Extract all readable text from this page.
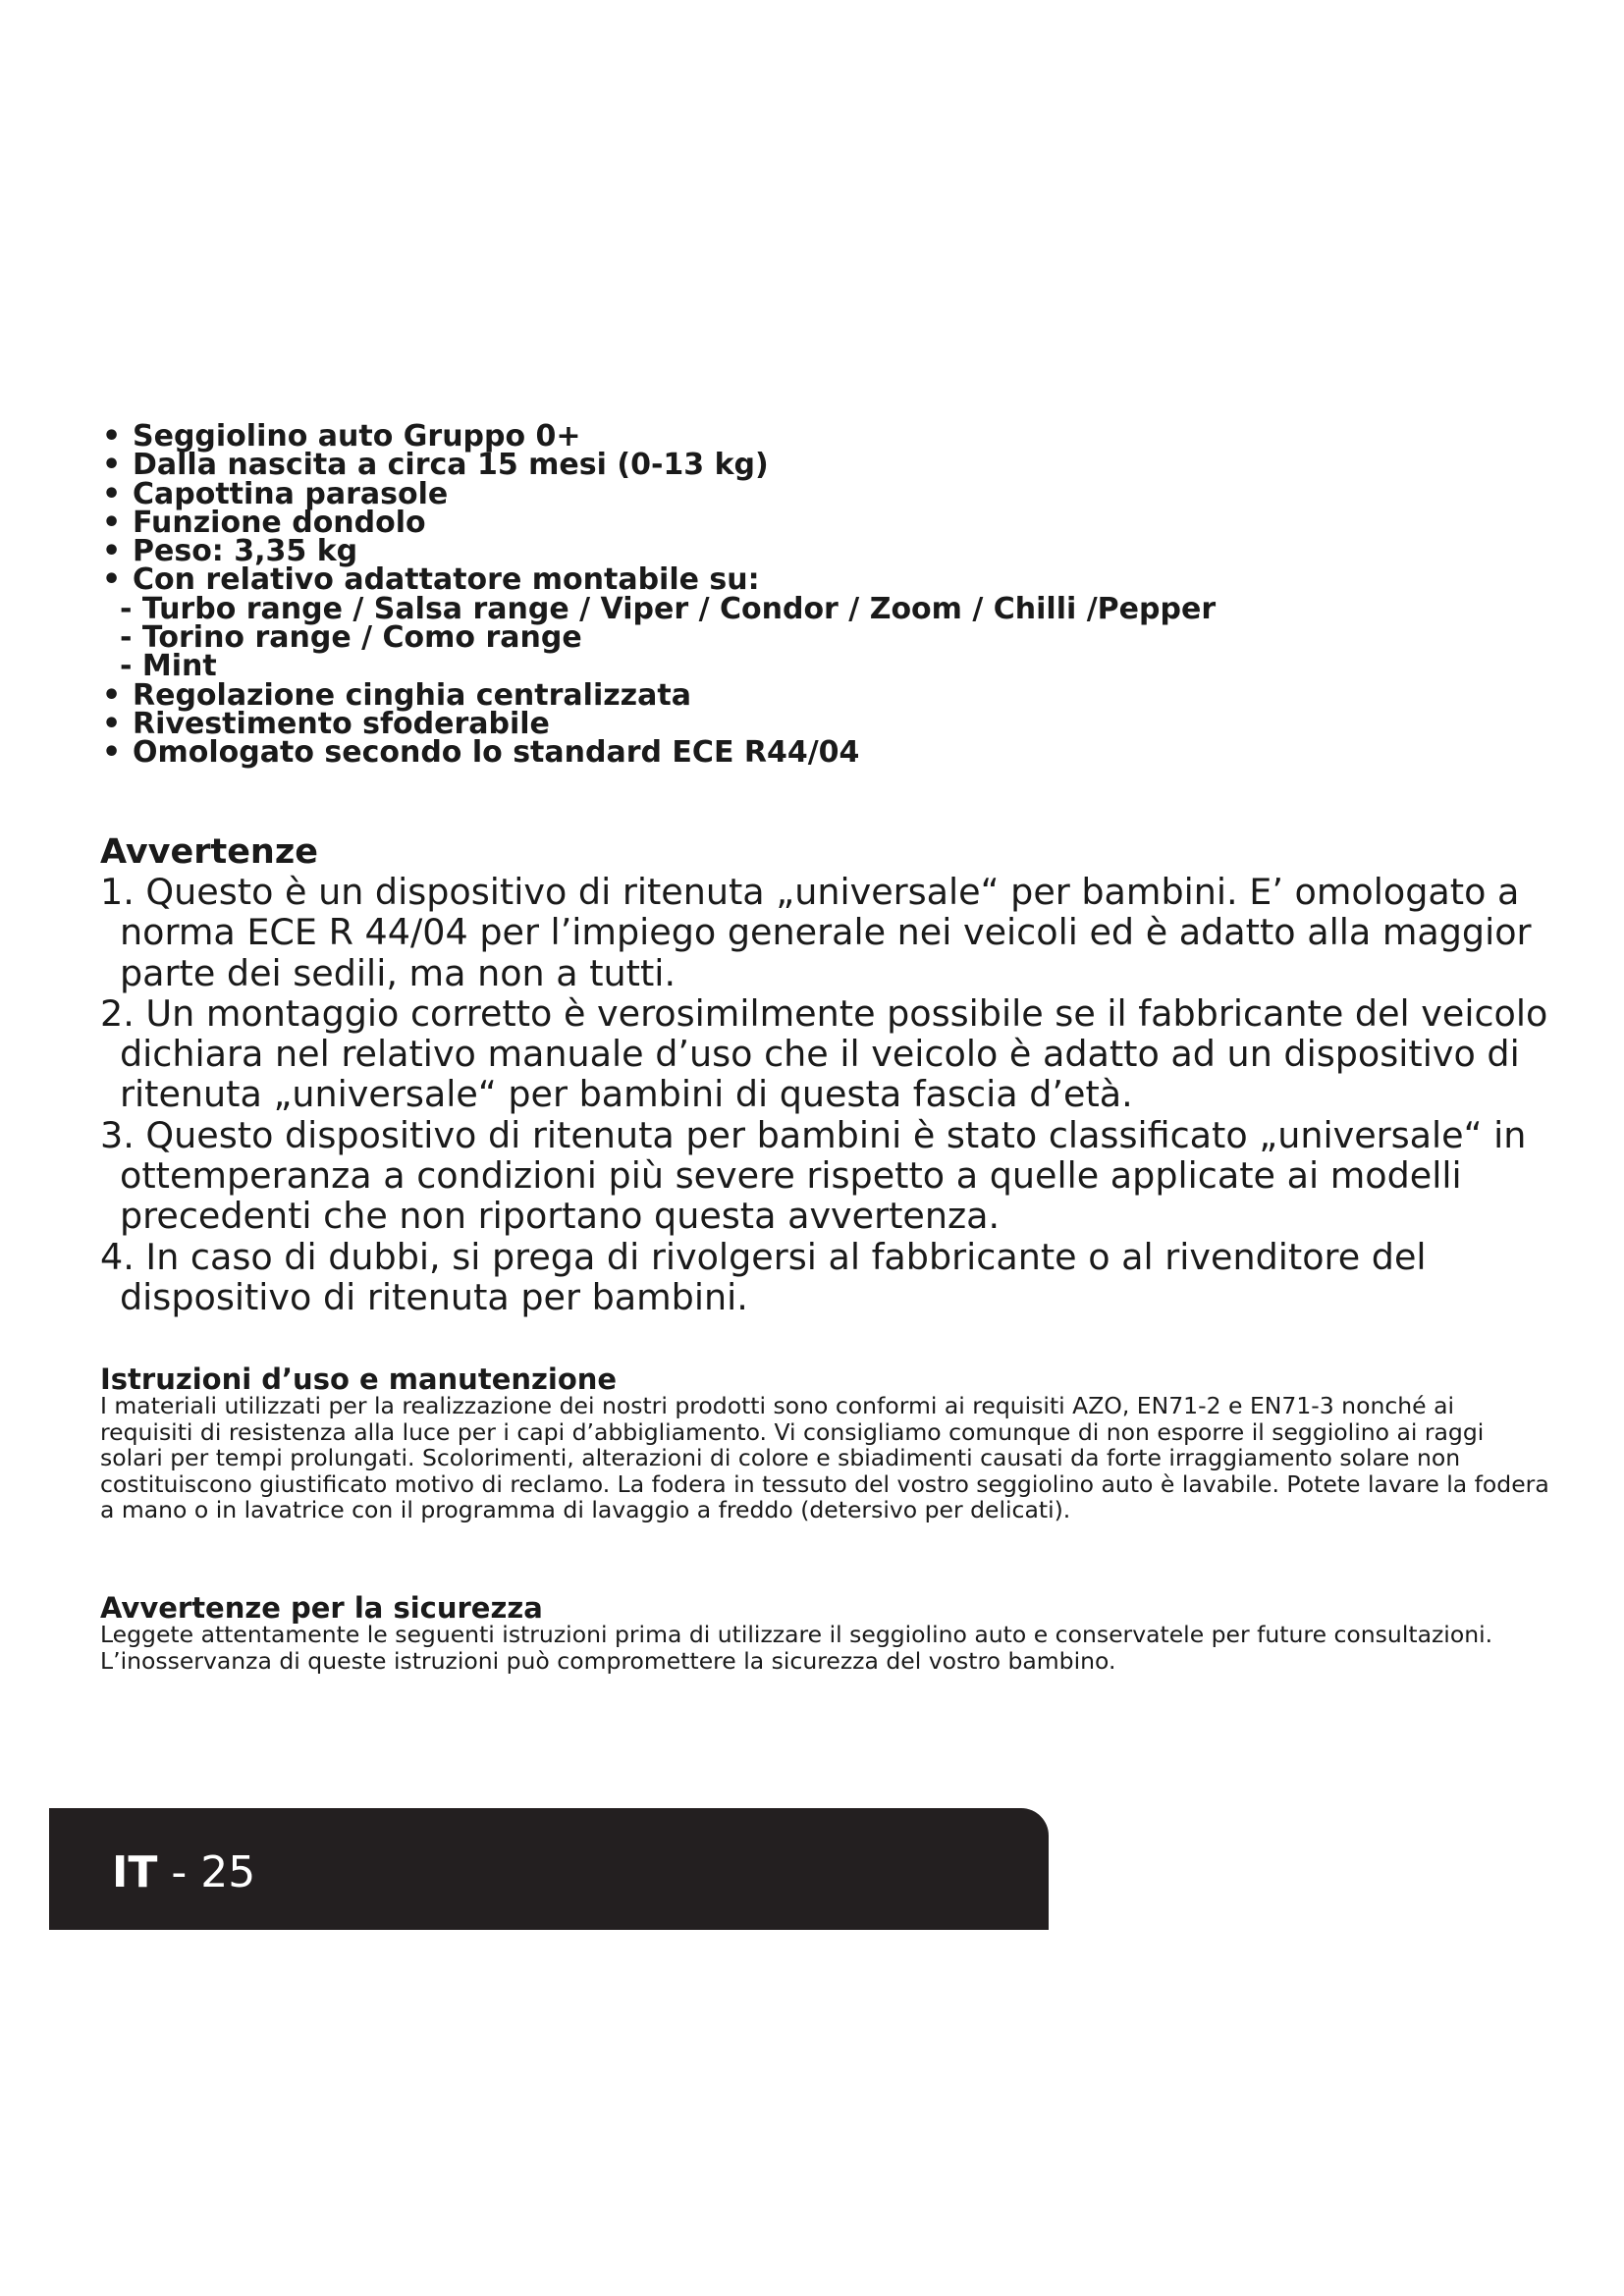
• Seggiolino auto Gruppo 0+
• Dalla nascita a circa 15 mesi (0-13 kg)
• Capottina parasole
• Funzione dondolo
• Peso: 3,35 kg
• Con relativo adattatore montabile su:
- Turbo range / Salsa range / Viper / Condor / Zoom / Chilli /Pepper
- Torino range / Como range
- Mint
• Regolazione cinghia centralizzata
• Rivestimento sfoderabile
• Omologato secondo lo standard ECE R44/04
Avvertenze
1. Questo è un dispositivo di ritenuta „universale“ per bambini. E’ omologato a norma ECE R 44/04 per l’impiego generale nei veicoli ed è adatto alla maggior parte dei sedili, ma non a tutti.
2. Un montaggio corretto è verosimilmente possibile se il fabbricante del veicolo dichiara nel relativo manuale d’uso che il veicolo è adatto ad un dispositivo di ritenuta „universale“ per bambini di questa fascia d’età.
3. Questo dispositivo di ritenuta per bambini è stato classificato „universale“ in ottemperanza a condizioni più severe rispetto a quelle applicate ai modelli precedenti che non riportano questa avvertenza.
4. In caso di dubbi, si prega di rivolgersi al fabbricante o al rivenditore del dispositivo di ritenuta per bambini.
Istruzioni d’uso e manutenzione

I materiali utilizzati per la realizzazione dei nostri prodotti sono conformi ai requisiti AZO, EN71-2 e EN71-3 nonché ai requisiti di resistenza alla luce per i capi d’abbigliamento. Vi consigliamo comunque di non esporre il seggiolino ai raggi solari per tempi prolungati. Scolorimenti, alterazioni di colore e sbiadimenti causati da forte irraggiamento solare non costituiscono giustificato motivo di reclamo. La fodera in tessuto del vostro seggiolino auto è lavabile. Potete lavare la fodera a mano o in lavatrice con il programma di lavaggio a freddo (detersivo per delicati).

Avvertenze per la sicurezza

Leggete attentamente le seguenti istruzioni prima di utilizzare il seggiolino auto e conservatele per future consultazioni. L’inosservanza di queste istruzioni può compromettere la sicurezza del vostro bambino.

IT - 25
